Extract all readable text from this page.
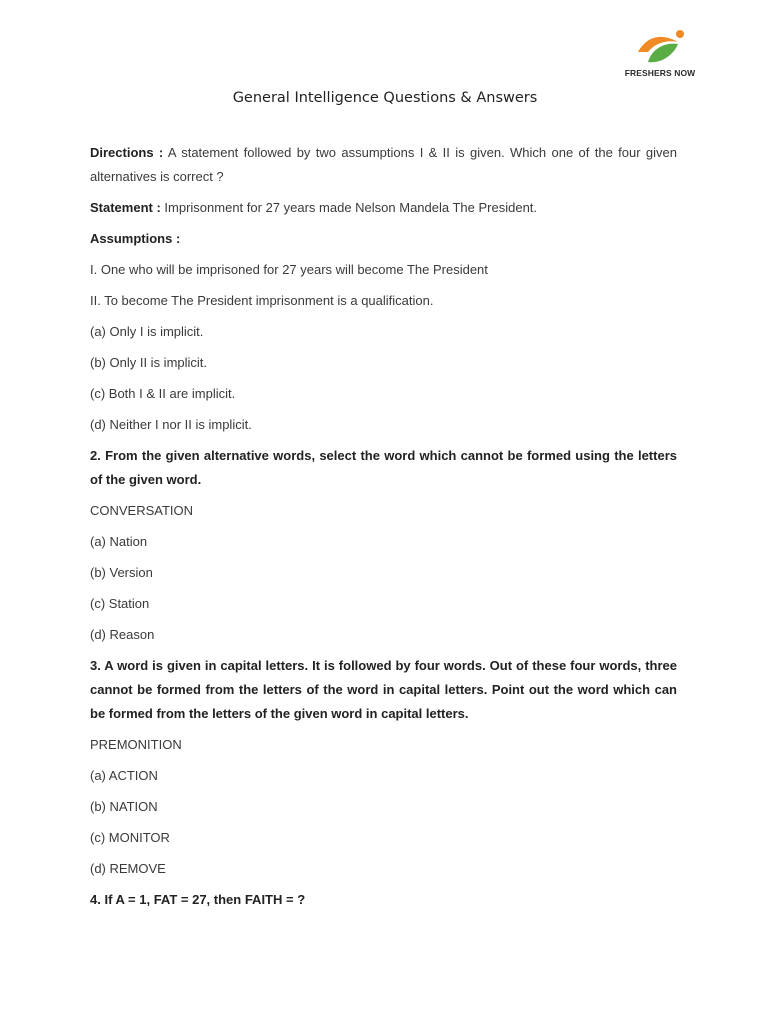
FRESHERS NOW
General Intelligence Questions & Answers

Directions : A statement followed by two assumptions I & II is given. Which one of the four given alternatives is correct ?

Statement : Imprisonment for 27 years made Nelson Mandela The President.

Assumptions :

I. One who will be imprisoned for 27 years will become The President

II. To become The President imprisonment is a qualification.

(a) Only I is implicit.

(b) Only II is implicit.

(c) Both I & II are implicit.

(d) Neither I nor II is implicit.

2. From the given alternative words, select the word which cannot be formed using the letters of the given word.

CONVERSATION

(a) Nation

(b) Version

(c) Station

(d) Reason

3. A word is given in capital letters. It is followed by four words. Out of these four words, three cannot be formed from the letters of the word in capital letters. Point out the word which can be formed from the letters of the given word in capital letters.

PREMONITION

(a) ACTION

(b) NATION

(c) MONITOR

(d) REMOVE

4. If A = 1, FAT = 27, then FAITH = ?
